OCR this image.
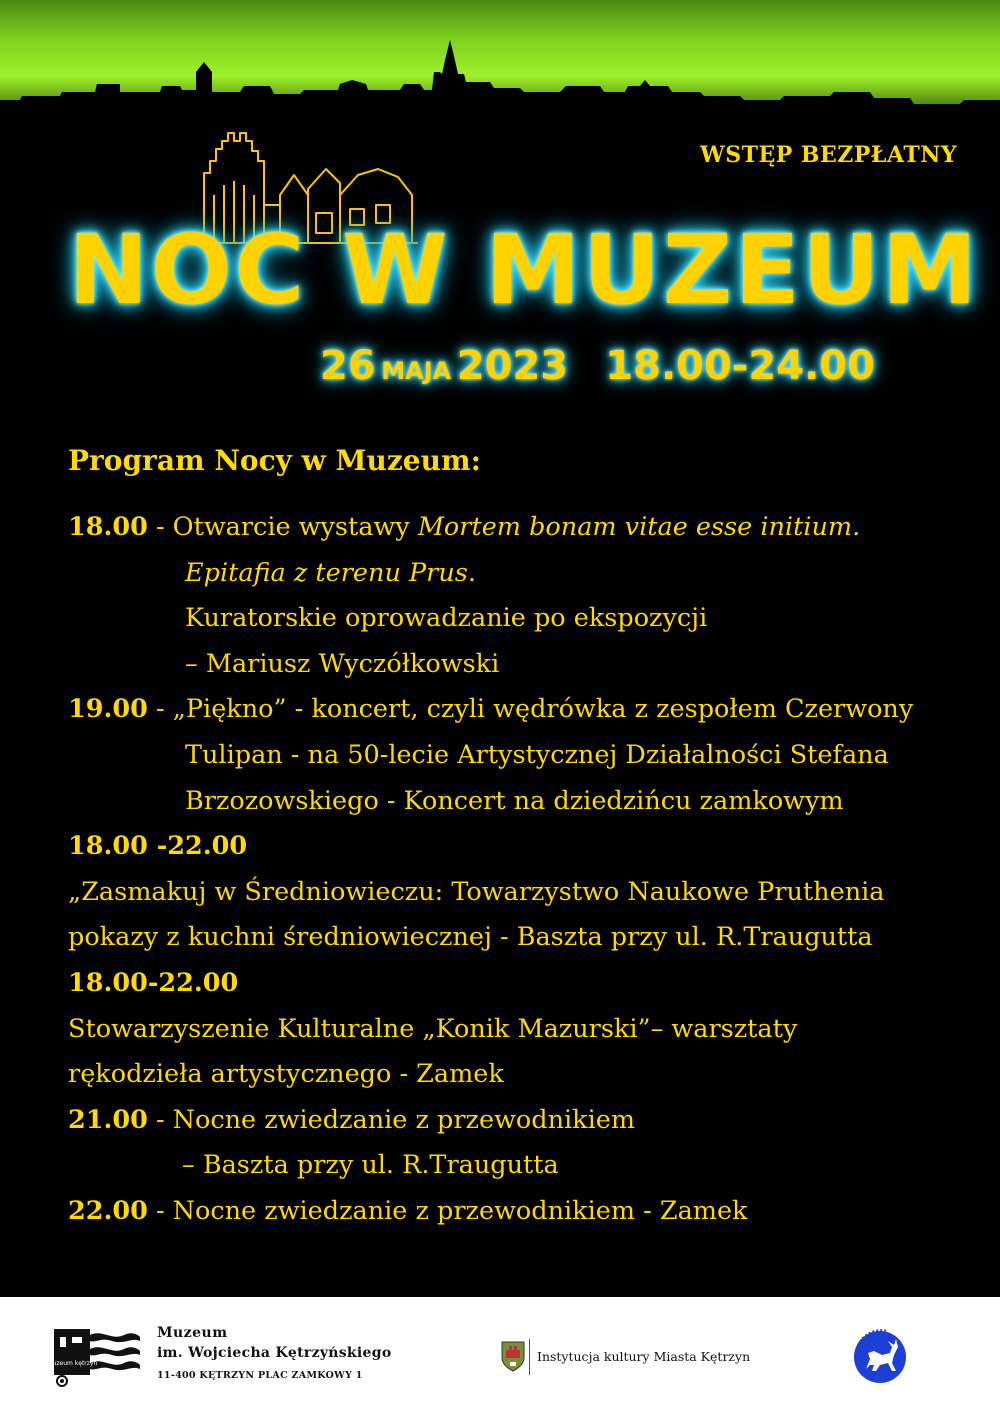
WSTĘP BEZPŁATNY
NOC W MUZEUM
26 MAJA 2023 18.00-24.00
Program Nocy w Muzeum:
18.00 - Otwarcie wystawy Mortem bonam vitae esse initium.
Epitafia z terenu Prus.
Kuratorskie oprowadzanie po ekspozycji
– Mariusz Wyczółkowski
19.00 - „Piękno” - koncert, czyli wędrówka z zespołem Czerwony
Tulipan - na 50-lecie Artystycznej Działalności Stefana
Brzozowskiego - Koncert na dziedzińcu zamkowym
18.00 -22.00
„Zasmakuj w Średniowieczu: Towarzystwo Naukowe Pruthenia
pokazy z kuchni średniowiecznej - Baszta przy ul. R.Traugutta
18.00-22.00
Stowarzyszenie Kulturalne „Konik Mazurski”– warsztaty
rękodzieła artystycznego - Zamek
21.00 - Nocne zwiedzanie z przewodnikiem
– Baszta przy ul. R.Traugutta
22.00 - Nocne zwiedzanie z przewodnikiem - Zamek
muzeum kętrzyn
Muzeum
im. Wojciecha Kętrzyńskiego
11-400 KĘTRZYN PLAC ZAMKOWY 1
Instytucja kultury Miasta Kętrzyn
